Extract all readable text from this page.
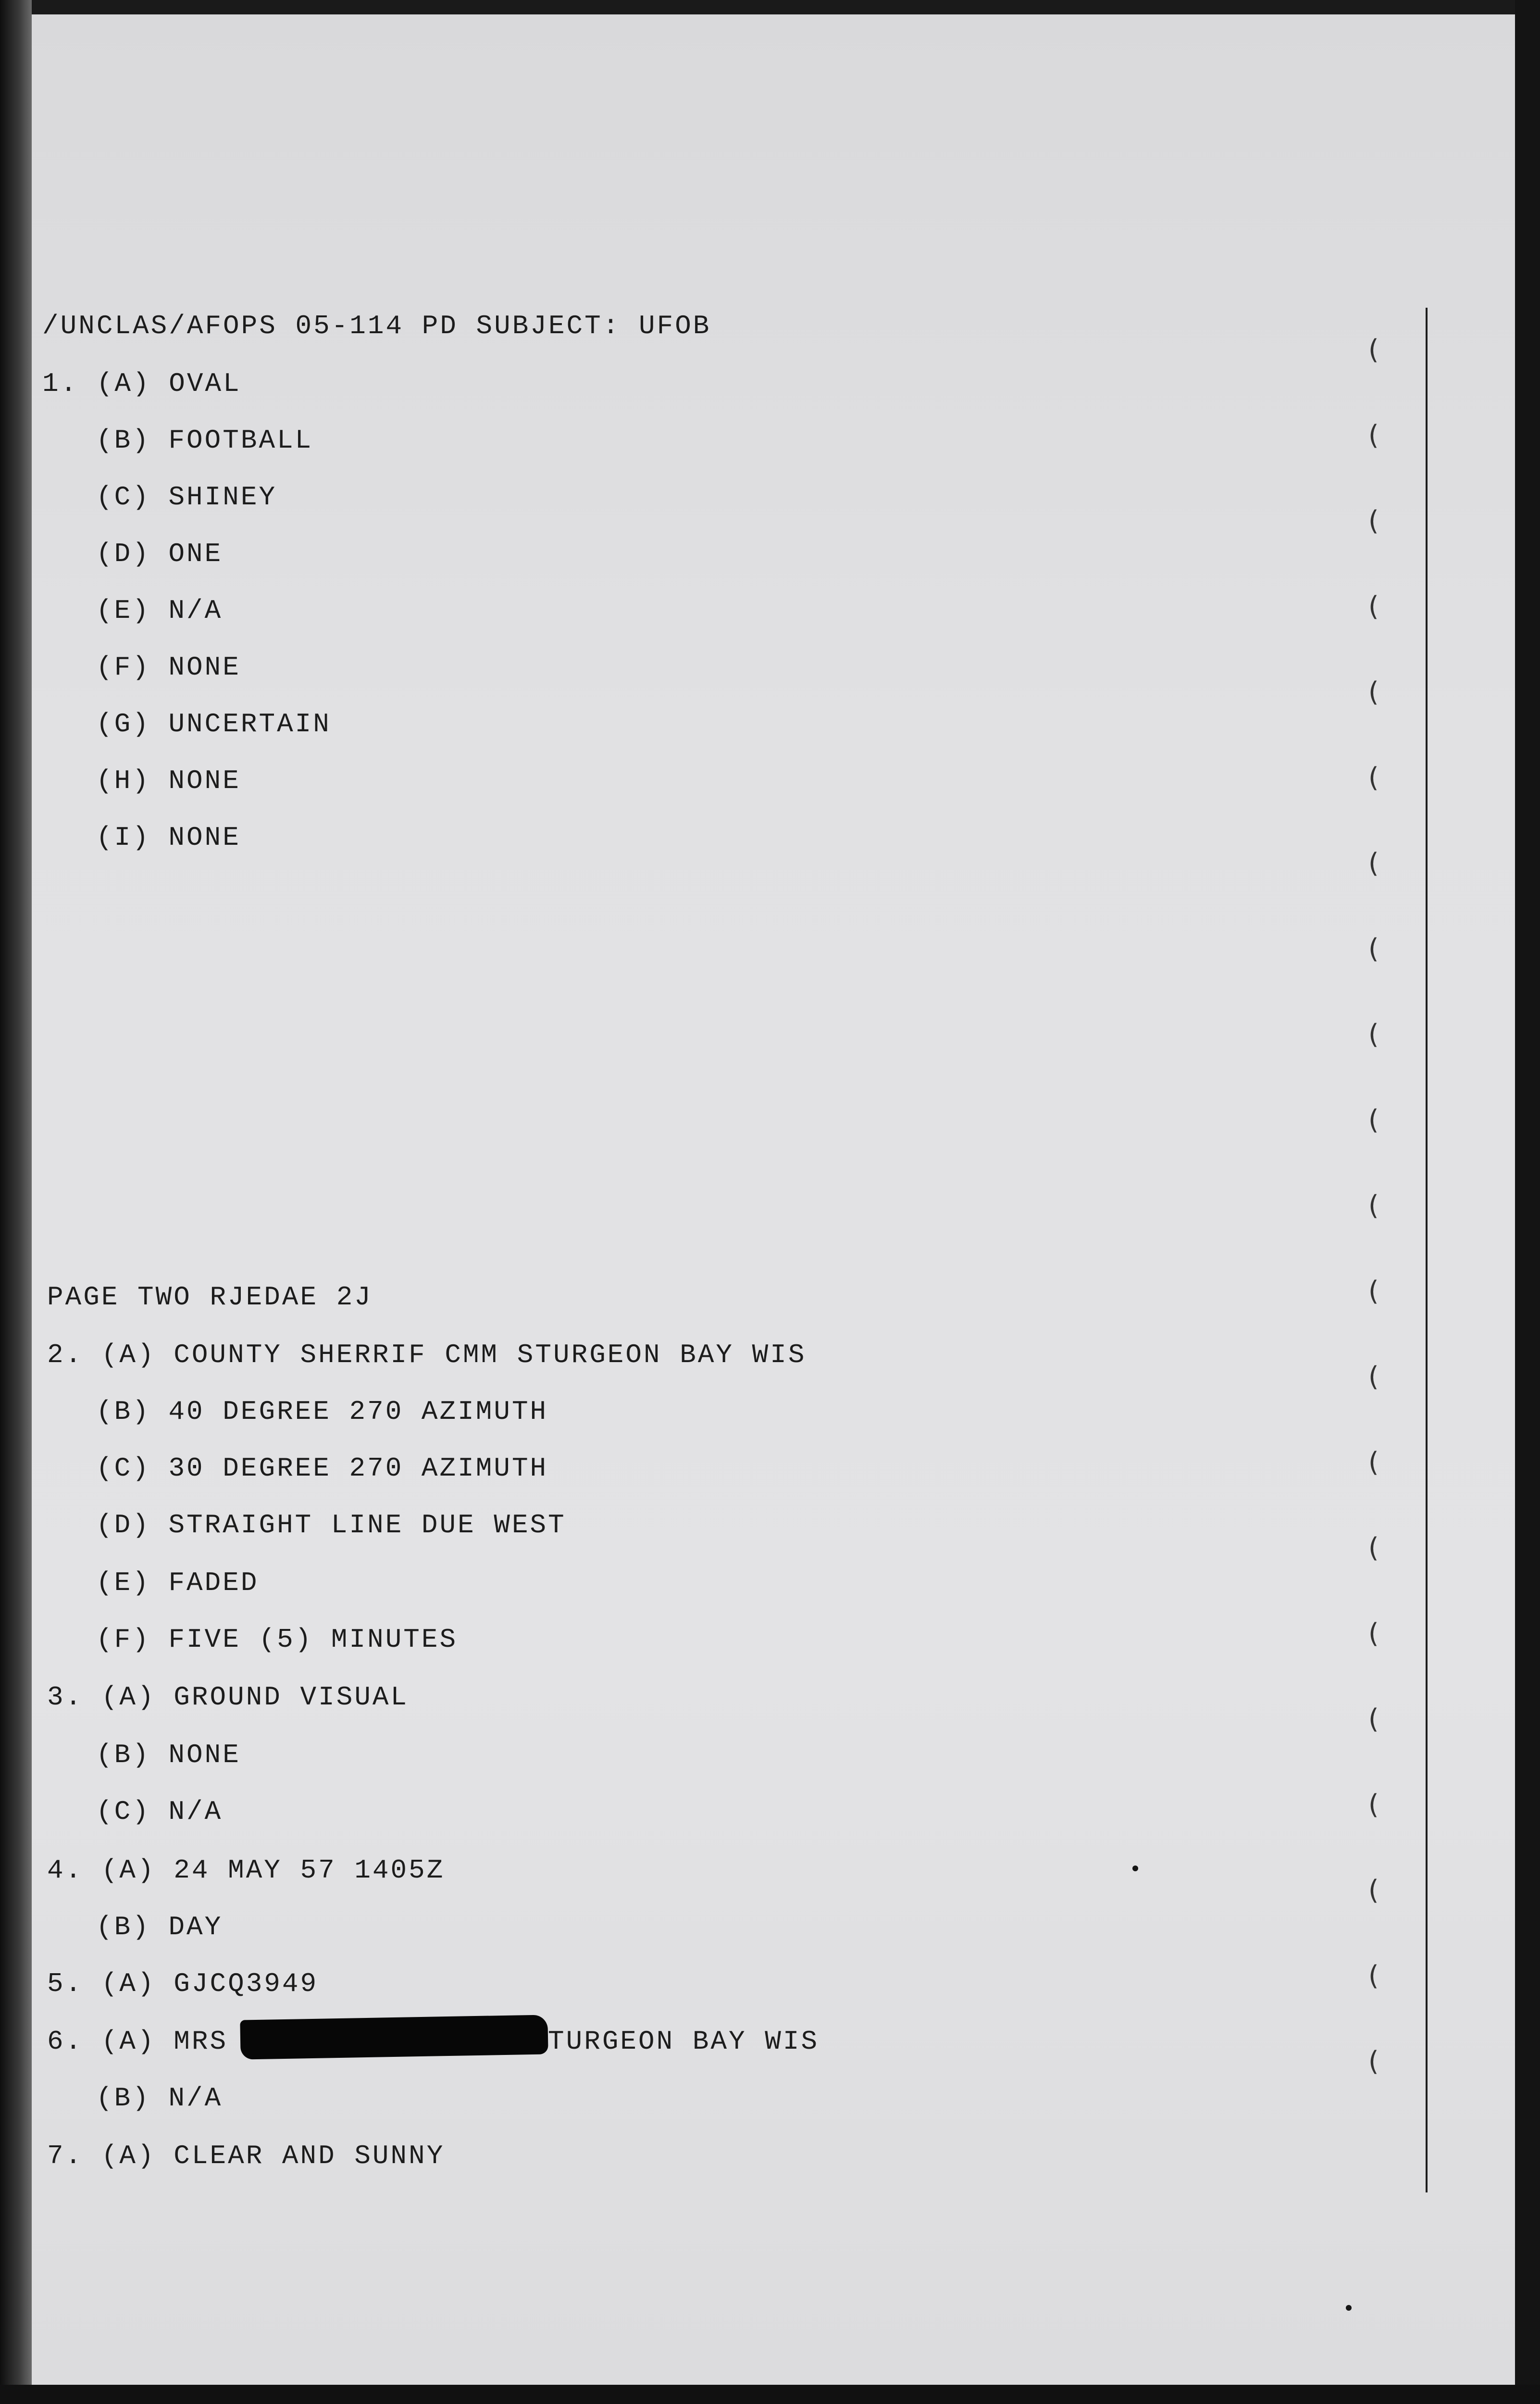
(
(
(
(
(
(
(
(
(
(
(
(
(
(
(
(
(
(
(
(
(
/UNCLAS/AFOPS 05-114 PD SUBJECT: UFOB
1. (A) OVAL
(B) FOOTBALL
(C) SHINEY
(D) ONE
(E) N/A
(F) NONE
(G) UNCERTAIN
(H) NONE
(I) NONE
PAGE TWO RJEDAE 2J
2. (A) COUNTY SHERRIF CMM STURGEON BAY WIS
(B) 40 DEGREE 270 AZIMUTH
(C) 30 DEGREE 270 AZIMUTH
(D) STRAIGHT LINE DUE WEST
(E) FADED
(F) FIVE (5) MINUTES
3. (A) GROUND VISUAL
(B) NONE
(C) N/A
4. (A) 24 MAY 57 1405Z
(B) DAY
5. (A) GJCQ3949
6. (A) MRS	TURGEON BAY WIS
(B) N/A
7. (A) CLEAR AND SUNNY
